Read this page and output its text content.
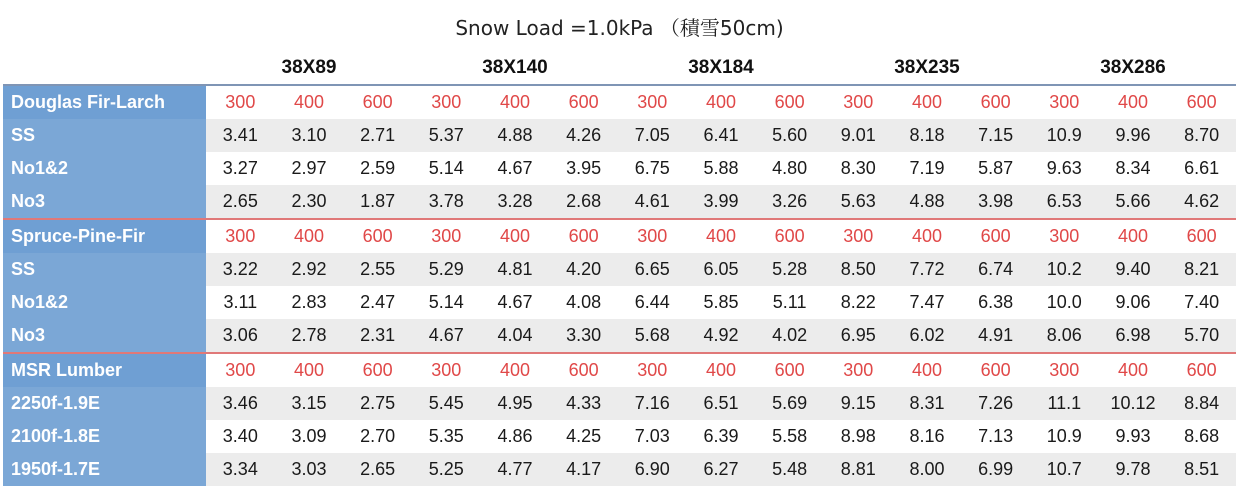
Snow Load =1.0kPa （積雪50cm)
	38X89			38X140			38X184			38X235			38X286		
Douglas Fir-Larch	300	400	600	300	400	600	300	400	600	300	400	600	300	400	600
SS	3.41	3.10	2.71	5.37	4.88	4.26	7.05	6.41	5.60	9.01	8.18	7.15	10.9	9.96	8.70
No1&2	3.27	2.97	2.59	5.14	4.67	3.95	6.75	5.88	4.80	8.30	7.19	5.87	9.63	8.34	6.61
No3	2.65	2.30	1.87	3.78	3.28	2.68	4.61	3.99	3.26	5.63	4.88	3.98	6.53	5.66	4.62
Spruce-Pine-Fir	300	400	600	300	400	600	300	400	600	300	400	600	300	400	600
SS	3.22	2.92	2.55	5.29	4.81	4.20	6.65	6.05	5.28	8.50	7.72	6.74	10.2	9.40	8.21
No1&2	3.11	2.83	2.47	5.14	4.67	4.08	6.44	5.85	5.11	8.22	7.47	6.38	10.0	9.06	7.40
No3	3.06	2.78	2.31	4.67	4.04	3.30	5.68	4.92	4.02	6.95	6.02	4.91	8.06	6.98	5.70
MSR Lumber	300	400	600	300	400	600	300	400	600	300	400	600	300	400	600
2250f-1.9E	3.46	3.15	2.75	5.45	4.95	4.33	7.16	6.51	5.69	9.15	8.31	7.26	11.1	10.12	8.84
2100f-1.8E	3.40	3.09	2.70	5.35	4.86	4.25	7.03	6.39	5.58	8.98	8.16	7.13	10.9	9.93	8.68
1950f-1.7E	3.34	3.03	2.65	5.25	4.77	4.17	6.90	6.27	5.48	8.81	8.00	6.99	10.7	9.78	8.51
